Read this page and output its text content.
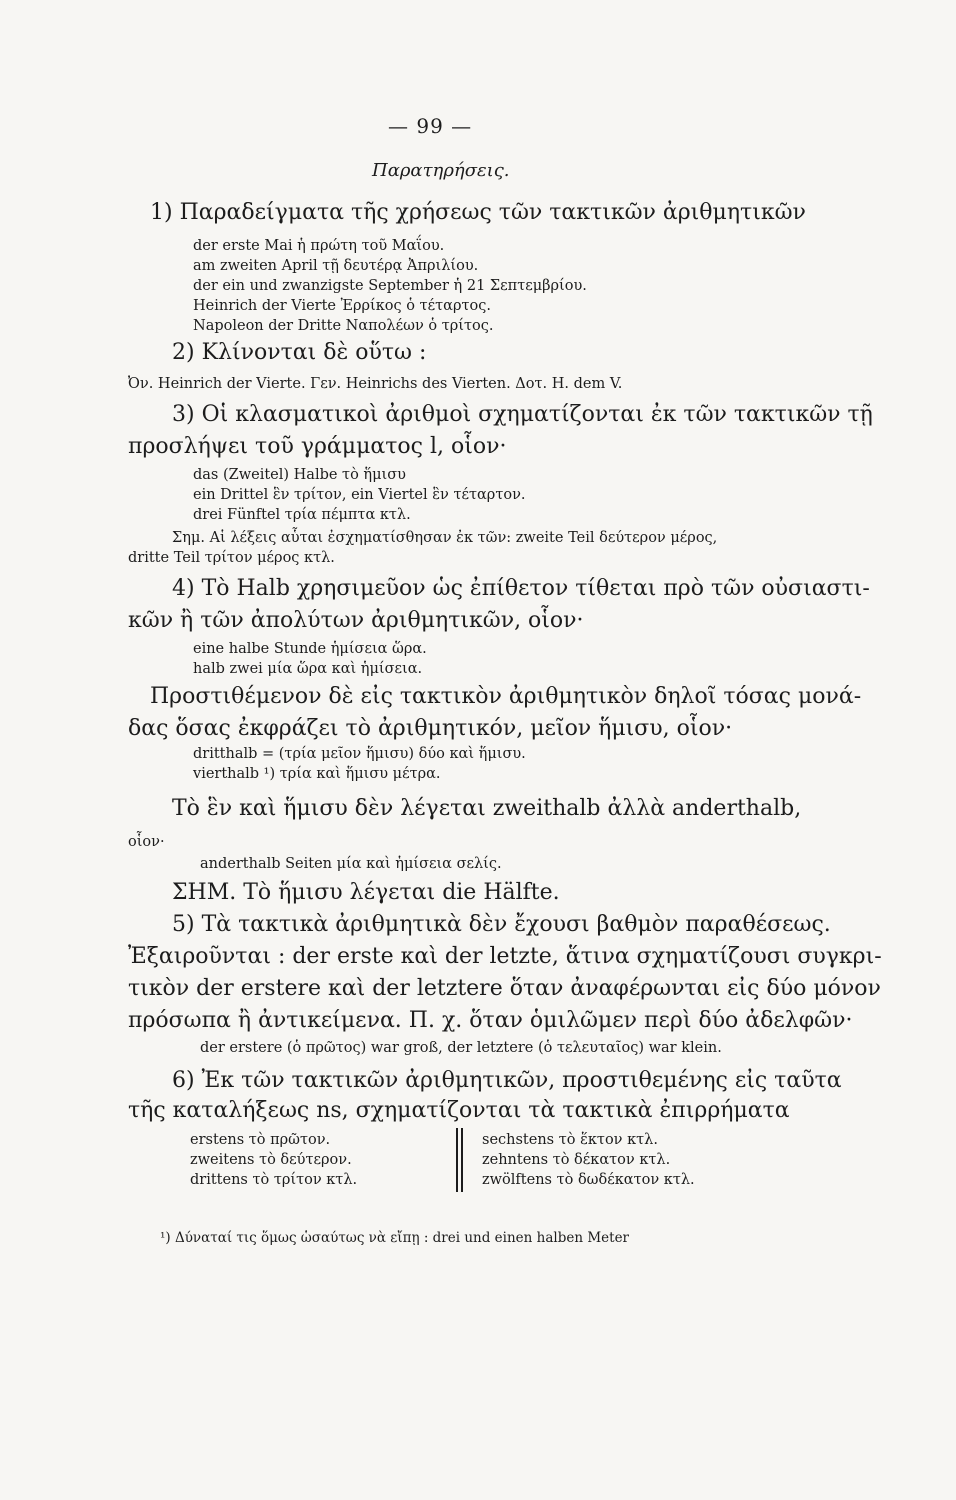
— 99 —
Παρατηρήσεις.
1) Παραδείγματα τῆς χρήσεως τῶν τακτικῶν ἀριθμητικῶν
der erste Mai ἡ πρώτη τοῦ Μαΐου.
am zweiten April τῇ δευτέρᾳ Ἀπριλίου.
der ein und zwanzigste September ἡ 21 Σεπτεμβρίου.
Heinrich der Vierte Ἐρρίκος ὁ τέταρτος.
Napoleon der Dritte Ναπολέων ὁ τρίτος.
2) Κλίνονται δὲ οὕτω :
Ὀν. Heinrich der Vierte. Γεν. Heinrichs des Vierten. Δοτ. H. dem V.
3) Οἱ κλασματικοὶ ἀριθμοὶ σχηματίζονται ἐκ τῶν τακτικῶν τῇ
προσλήψει τοῦ γράμματος l, οἷον·
das (Zweitel) Halbe τὸ ἥμισυ
ein Drittel ἓν τρίτον, ein Viertel ἓν τέταρτον.
drei Fünftel τρία πέμπτα κτλ.
Σημ. Αἱ λέξεις αὗται ἐσχηματίσθησαν ἐκ τῶν: zweite Teil δεύτερον μέρος,
dritte Teil τρίτον μέρος κτλ.
4) Τὸ Halb χρησιμεῦον ὡς ἐπίθετον τίθεται πρὸ τῶν οὐσιαστι-
κῶν ἢ τῶν ἀπολύτων ἀριθμητικῶν, οἷον·
eine halbe Stunde ἡμίσεια ὥρα.
halb zwei μία ὥρα καὶ ἡμίσεια.
Προστιθέμενον δὲ εἰς τακτικὸν ἀριθμητικὸν δηλοῖ τόσας μονά-
δας ὅσας ἐκφράζει τὸ ἀριθμητικόν, μεῖον ἥμισυ, οἷον·
dritthalb = (τρία μεῖον ἥμισυ) δύο καὶ ἥμισυ.
vierthalb ¹) τρία καὶ ἥμισυ μέτρα.
Τὸ ἓν καὶ ἥμισυ δὲν λέγεται zweithalb ἀλλὰ anderthalb,
οἷον·
anderthalb Seiten μία καὶ ἡμίσεια σελίς.
ΣΗΜ. Τὸ ἥμισυ λέγεται die Hälfte.
5) Τὰ τακτικὰ ἀριθμητικὰ δὲν ἔχουσι βαθμὸν παραθέσεως.
Ἐξαιροῦνται : der erste καὶ der letzte, ἅτινα σχηματίζουσι συγκρι-
τικὸν der erstere καὶ der letztere ὅταν ἀναφέρωνται εἰς δύο μόνον
πρόσωπα ἢ ἀντικείμενα. Π. χ. ὅταν ὁμιλῶμεν περὶ δύο ἀδελφῶν·
der erstere (ὁ πρῶτος) war groß, der letztere (ὁ τελευταῖος) war klein.
6) Ἐκ τῶν τακτικῶν ἀριθμητικῶν, προστιθεμένης εἰς ταῦτα
τῆς καταλήξεως ns, σχηματίζονται τὰ τακτικὰ ἐπιρρήματα
erstens τὸ πρῶτον.
zweitens τὸ δεύτερον.
drittens τὸ τρίτον κτλ.
sechstens τὸ ἕκτον κτλ.
zehntens τὸ δέκατον κτλ.
zwölftens τὸ δωδέκατον κτλ.
¹) Δύναταί τις ὅμως ὡσαύτως νὰ εἴπῃ : drei und einen halben Meter
